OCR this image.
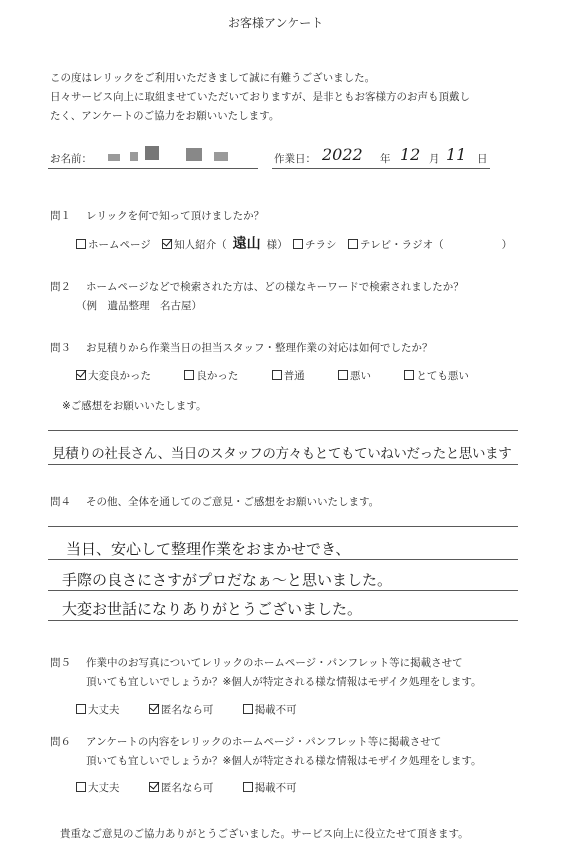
お客様アンケート
この度はレリックをご利用いただきまして誠に有難うございました。
日々サービス向上に取組ませていただいておりますが、是非ともお客様方のお声も頂戴し
たく、アンケートのご協力をお願いいたします。
お名前：	作業日： 2022 年 12 月 11 日
問１ レリックを何で知って頂けましたか？
ホームページ 知人紹介（ 遠山 様） チラシ テレビ・ラジオ（	）
問２ ホームページなどで検索された方は、どの様なキーワードで検索されましたか？
（例　遺品整理　名古屋）
問３ お見積りから作業当日の担当スタッフ・整理作業の対応は如何でしたか？
大変良かった	良かった	普通	悪い	とても悪い
※ご感想をお願いいたします。
見積りの社長さん、当日のスタッフの方々もとてもていねいだったと思います
問４ その他、全体を通してのご意見・ご感想をお願いいたします。
当日、安心して整理作業をおまかせでき、
手際の良さにさすがプロだなぁ〜と思いました。
大変お世話になりありがとうございました。
問５ 作業中のお写真についてレリックのホームページ・パンフレット等に掲載させて
頂いても宜しいでしょうか？※個人が特定される様な情報はモザイク処理をします。
大丈夫	匿名なら可	掲載不可
問６ アンケートの内容をレリックのホームページ・パンフレット等に掲載させて
頂いても宜しいでしょうか？※個人が特定される様な情報はモザイク処理をします。
大丈夫	匿名なら可	掲載不可
貴重なご意見のご協力ありがとうございました。サービス向上に役立たせて頂きます。
